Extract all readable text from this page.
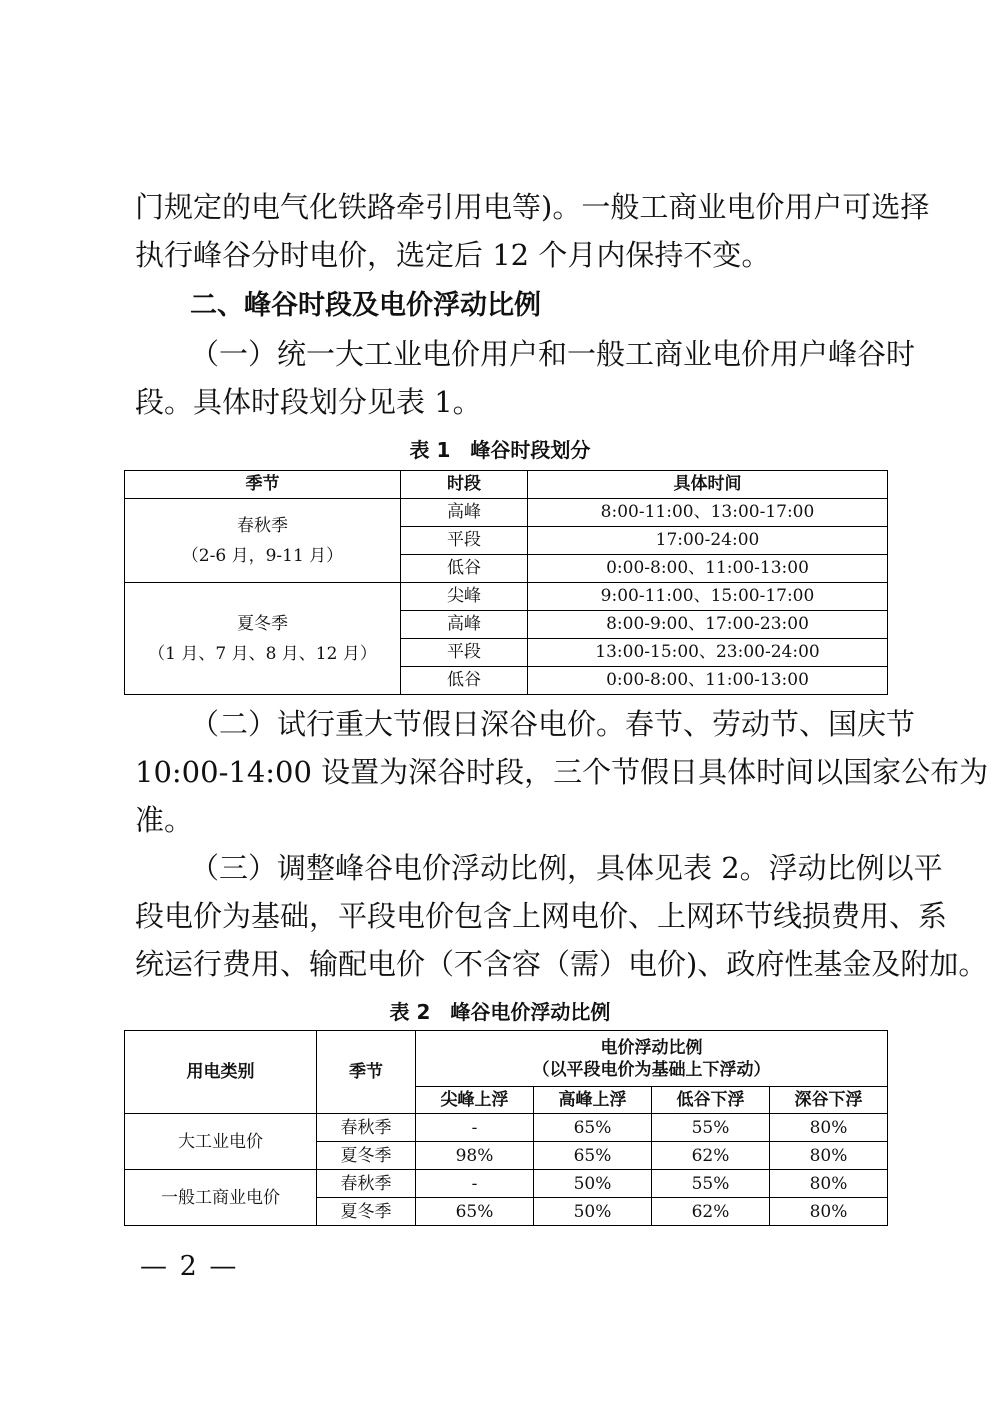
门规定的电气化铁路牵引用电等)。一般工商业电价用户可选择
执行峰谷分时电价，选定后 12 个月内保持不变。
二、峰谷时段及电价浮动比例
（一）统一大工业电价用户和一般工商业电价用户峰谷时
段。具体时段划分见表 1。
表 1　峰谷时段划分
季节	时段	具体时间

春秋季
（2-6 月，9-11 月）	高峰	8:00-11:00、13:00-17:00
	平段	17:00-24:00
	低谷	0:00-8:00、11:00-13:00

夏冬季
（1 月、7 月、8 月、12 月）	尖峰	9:00-11:00、15:00-17:00
	高峰	8:00-9:00、17:00-23:00
	平段	13:00-15:00、23:00-24:00
	低谷	0:00-8:00、11:00-13:00
（二）试行重大节假日深谷电价。春节、劳动节、国庆节
10:00-14:00 设置为深谷时段，三个节假日具体时间以国家公布为
准。
（三）调整峰谷电价浮动比例，具体见表 2。浮动比例以平
段电价为基础，平段电价包含上网电价、上网环节线损费用、系
统运行费用、输配电价（不含容（需）电价)、政府性基金及附加。
表 2　峰谷电价浮动比例
用电类别	季节	电价浮动比例
（以平段电价为基础上下浮动）			

		尖峰上浮	高峰上浮	低谷下浮	深谷下浮
大工业电价	春秋季	-	65%	55%	80%
	夏冬季	98%	65%	62%	80%
一般工商业电价	春秋季	-	50%	55%	80%
	夏冬季	65%	50%	62%	80%
— 2 —
